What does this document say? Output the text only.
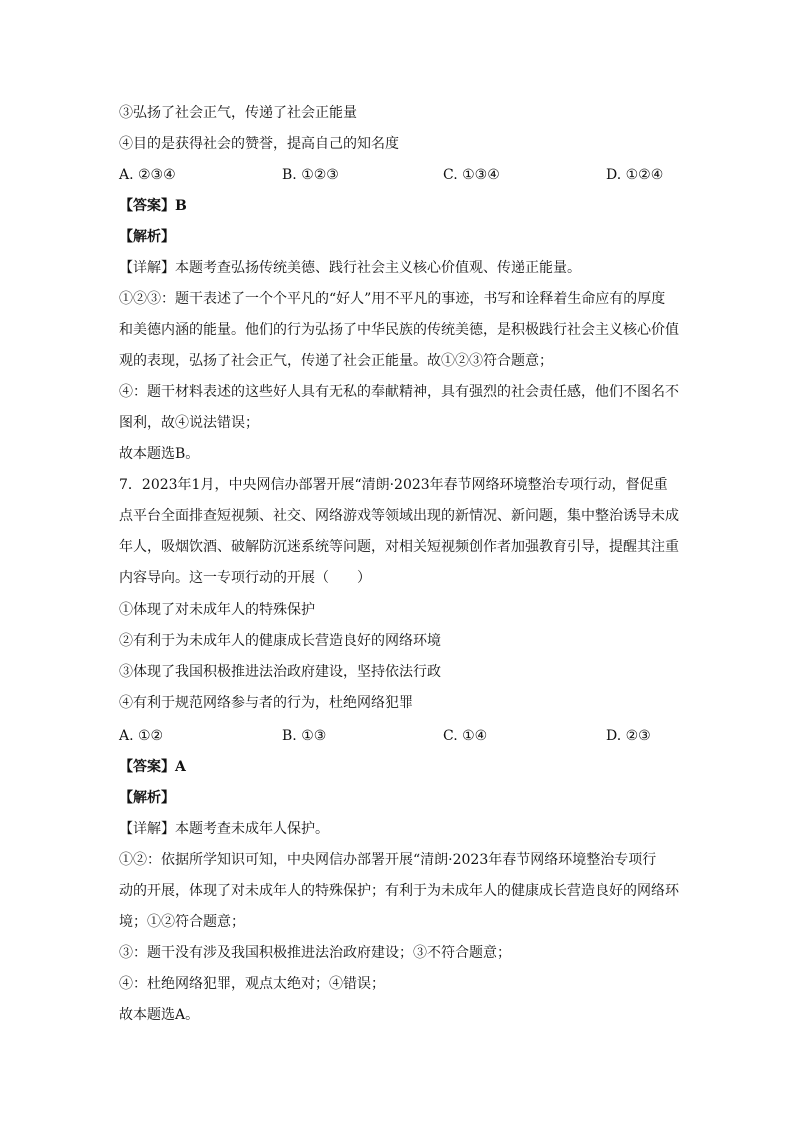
③弘扬了社会正气，传递了社会正能量
④目的是获得社会的赞誉，提高自己的知名度
A. ②③④	B. ①②③	C. ①③④	D. ①②④
【答案】B
【解析】
【详解】本题考查弘扬传统美德、践行社会主义核心价值观、传递正能量。
①②③：题干表述了一个个平凡的“好人”用不平凡的事迹，书写和诠释着生命应有的厚度
和美德内涵的能量。他们的行为弘扬了中华民族的传统美德，是积极践行社会主义核心价值
观的表现，弘扬了社会正气，传递了社会正能量。故①②③符合题意；
④：题干材料表述的这些好人具有无私的奉献精神，具有强烈的社会责任感，他们不图名不
图利，故④说法错误；
故本题选B。
7．2023年1月，中央网信办部署开展“清朗·2023年春节网络环境整治专项行动，督促重
点平台全面排查短视频、社交、网络游戏等领域出现的新情况、新问题，集中整治诱导未成
年人，吸烟饮酒、破解防沉迷系统等问题，对相关短视频创作者加强教育引导，提醒其注重
内容导向。这一专项行动的开展（　　）
①体现了对未成年人的特殊保护
②有利于为未成年人的健康成长营造良好的网络环境
③体现了我国积极推进法治政府建设，坚持依法行政
④有利于规范网络参与者的行为，杜绝网络犯罪
A. ①②	B. ①③	C. ①④	D. ②③
【答案】A
【解析】
【详解】本题考查未成年人保护。
①②：依据所学知识可知，中央网信办部署开展“清朗·2023年春节网络环境整治专项行
动的开展，体现了对未成年人的特殊保护；有利于为未成年人的健康成长营造良好的网络环
境；①②符合题意；
③：题干没有涉及我国积极推进法治政府建设；③不符合题意；
④：杜绝网络犯罪，观点太绝对；④错误；
故本题选A。
